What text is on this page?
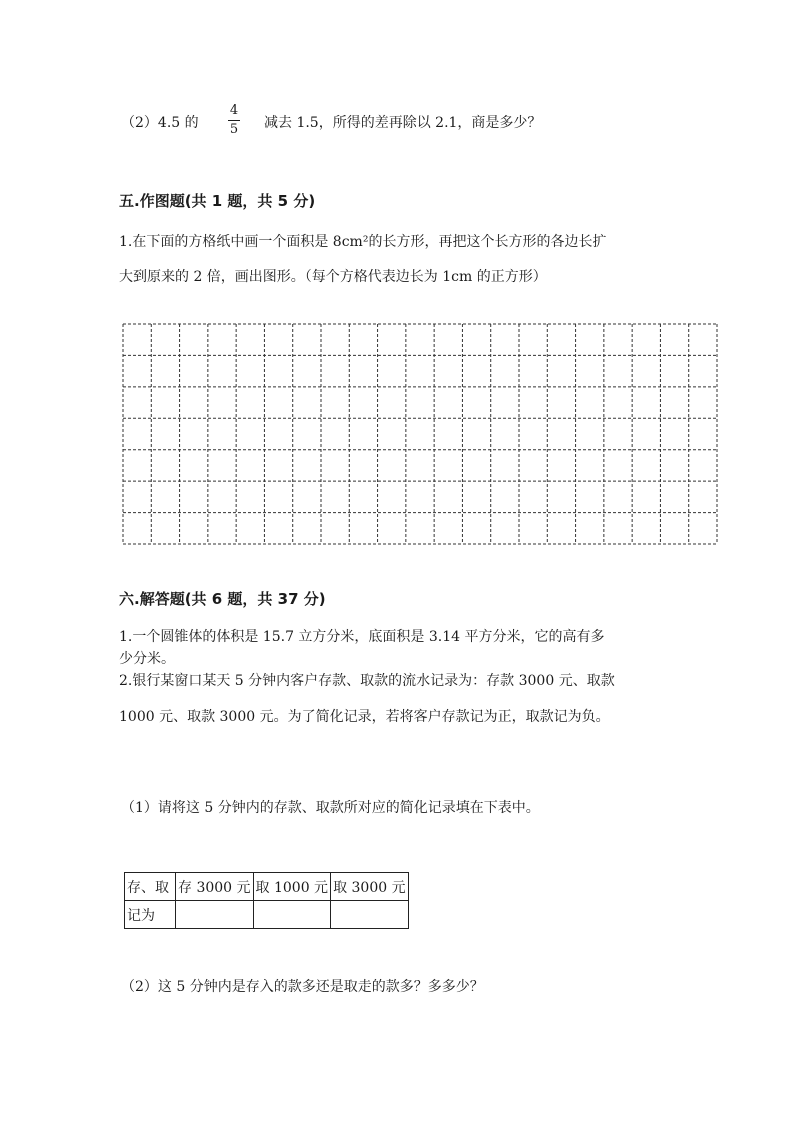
（2）4.5 的
4
5 减去 1.5，所得的差再除以 2.1，商是多少？
五.作图题(共 1 题，共 5 分)
1.在下面的方格纸中画一个面积是 8cm²的长方形，再把这个长方形的各边长扩
大到原来的 2 倍，画出图形。（每个方格代表边长为 1cm 的正方形）
六.解答题(共 6 题，共 37 分)
1.一个圆锥体的体积是 15.7 立方分米，底面积是 3.14 平方分米，它的高有多
少分米。
2.银行某窗口某天 5 分钟内客户存款、取款的流水记录为：存款 3000 元、取款
1000 元、取款 3000 元。为了简化记录，若将客户存款记为正，取款记为负。
（1）请将这 5 分钟内的存款、取款所对应的简化记录填在下表中。
存、取	存 3000 元	取 1000 元	取 3000 元
记为			
（2）这 5 分钟内是存入的款多还是取走的款多？多多少？
